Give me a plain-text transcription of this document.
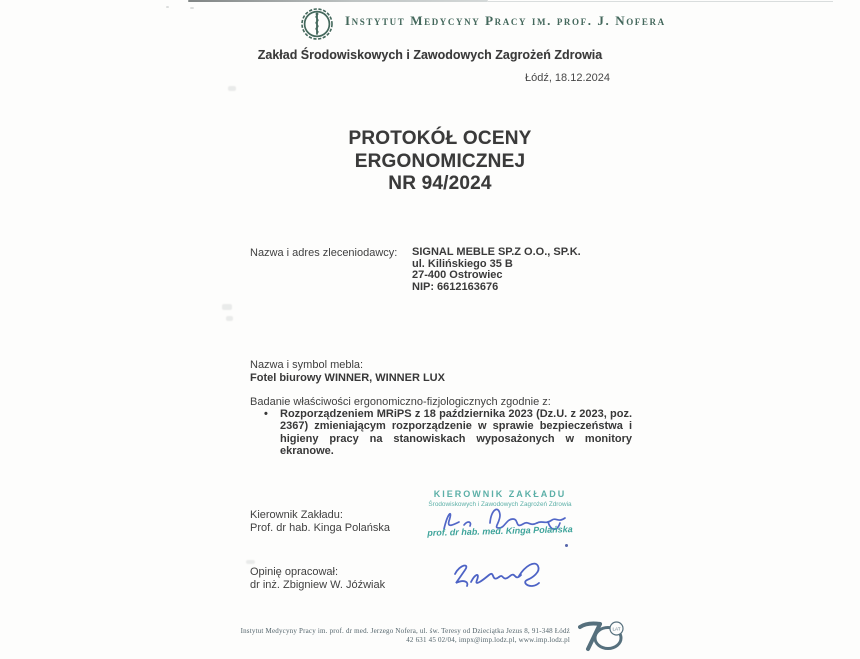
Instytut Medycyny Pracy im. prof. J. Nofera
Zakład Środowiskowych i Zawodowych Zagrożeń Zdrowia
Łódź, 18.12.2024
PROTOKÓŁ OCENY
ERGONOMICZNEJ
NR 94/2024
Nazwa i adres zleceniodawcy: SIGNAL MEBLE SP.Z O.O., SP.K.
ul. Kilińskiego 35 B
27-400 Ostrowiec
NIP: 6612163676
Nazwa i symbol mebla:
Fotel biurowy WINNER, WINNER LUX
Badanie właściwości ergonomiczno-fizjologicznych zgodnie z:
•	Rozporządzeniem MRiPS z 18 października 2023 (Dz.U. z 2023, poz. 2367) zmieniającym rozporządzenie w sprawie bezpieczeństwa i higieny pracy na stanowiskach wyposażonych w monitory ekranowe.
Kierownik Zakładu:
Prof. dr hab. Kinga Polańska
KIEROWNIK ZAKŁADU
Środowiskowych i Zawodowych Zagrożeń Zdrowia
prof. dr hab. med. Kinga Polańska
Opinię opracował:
dr inż. Zbigniew W. Jóźwiak
Instytut Medycyny Pracy im. prof. dr med. Jerzego Nofera, ul. św. Teresy od Dzieciątka Jezus 8, 91-348 Łódź
42 631 45 02/04, impx@imp.lodz.pl, www.imp.lodz.pl
LAT
